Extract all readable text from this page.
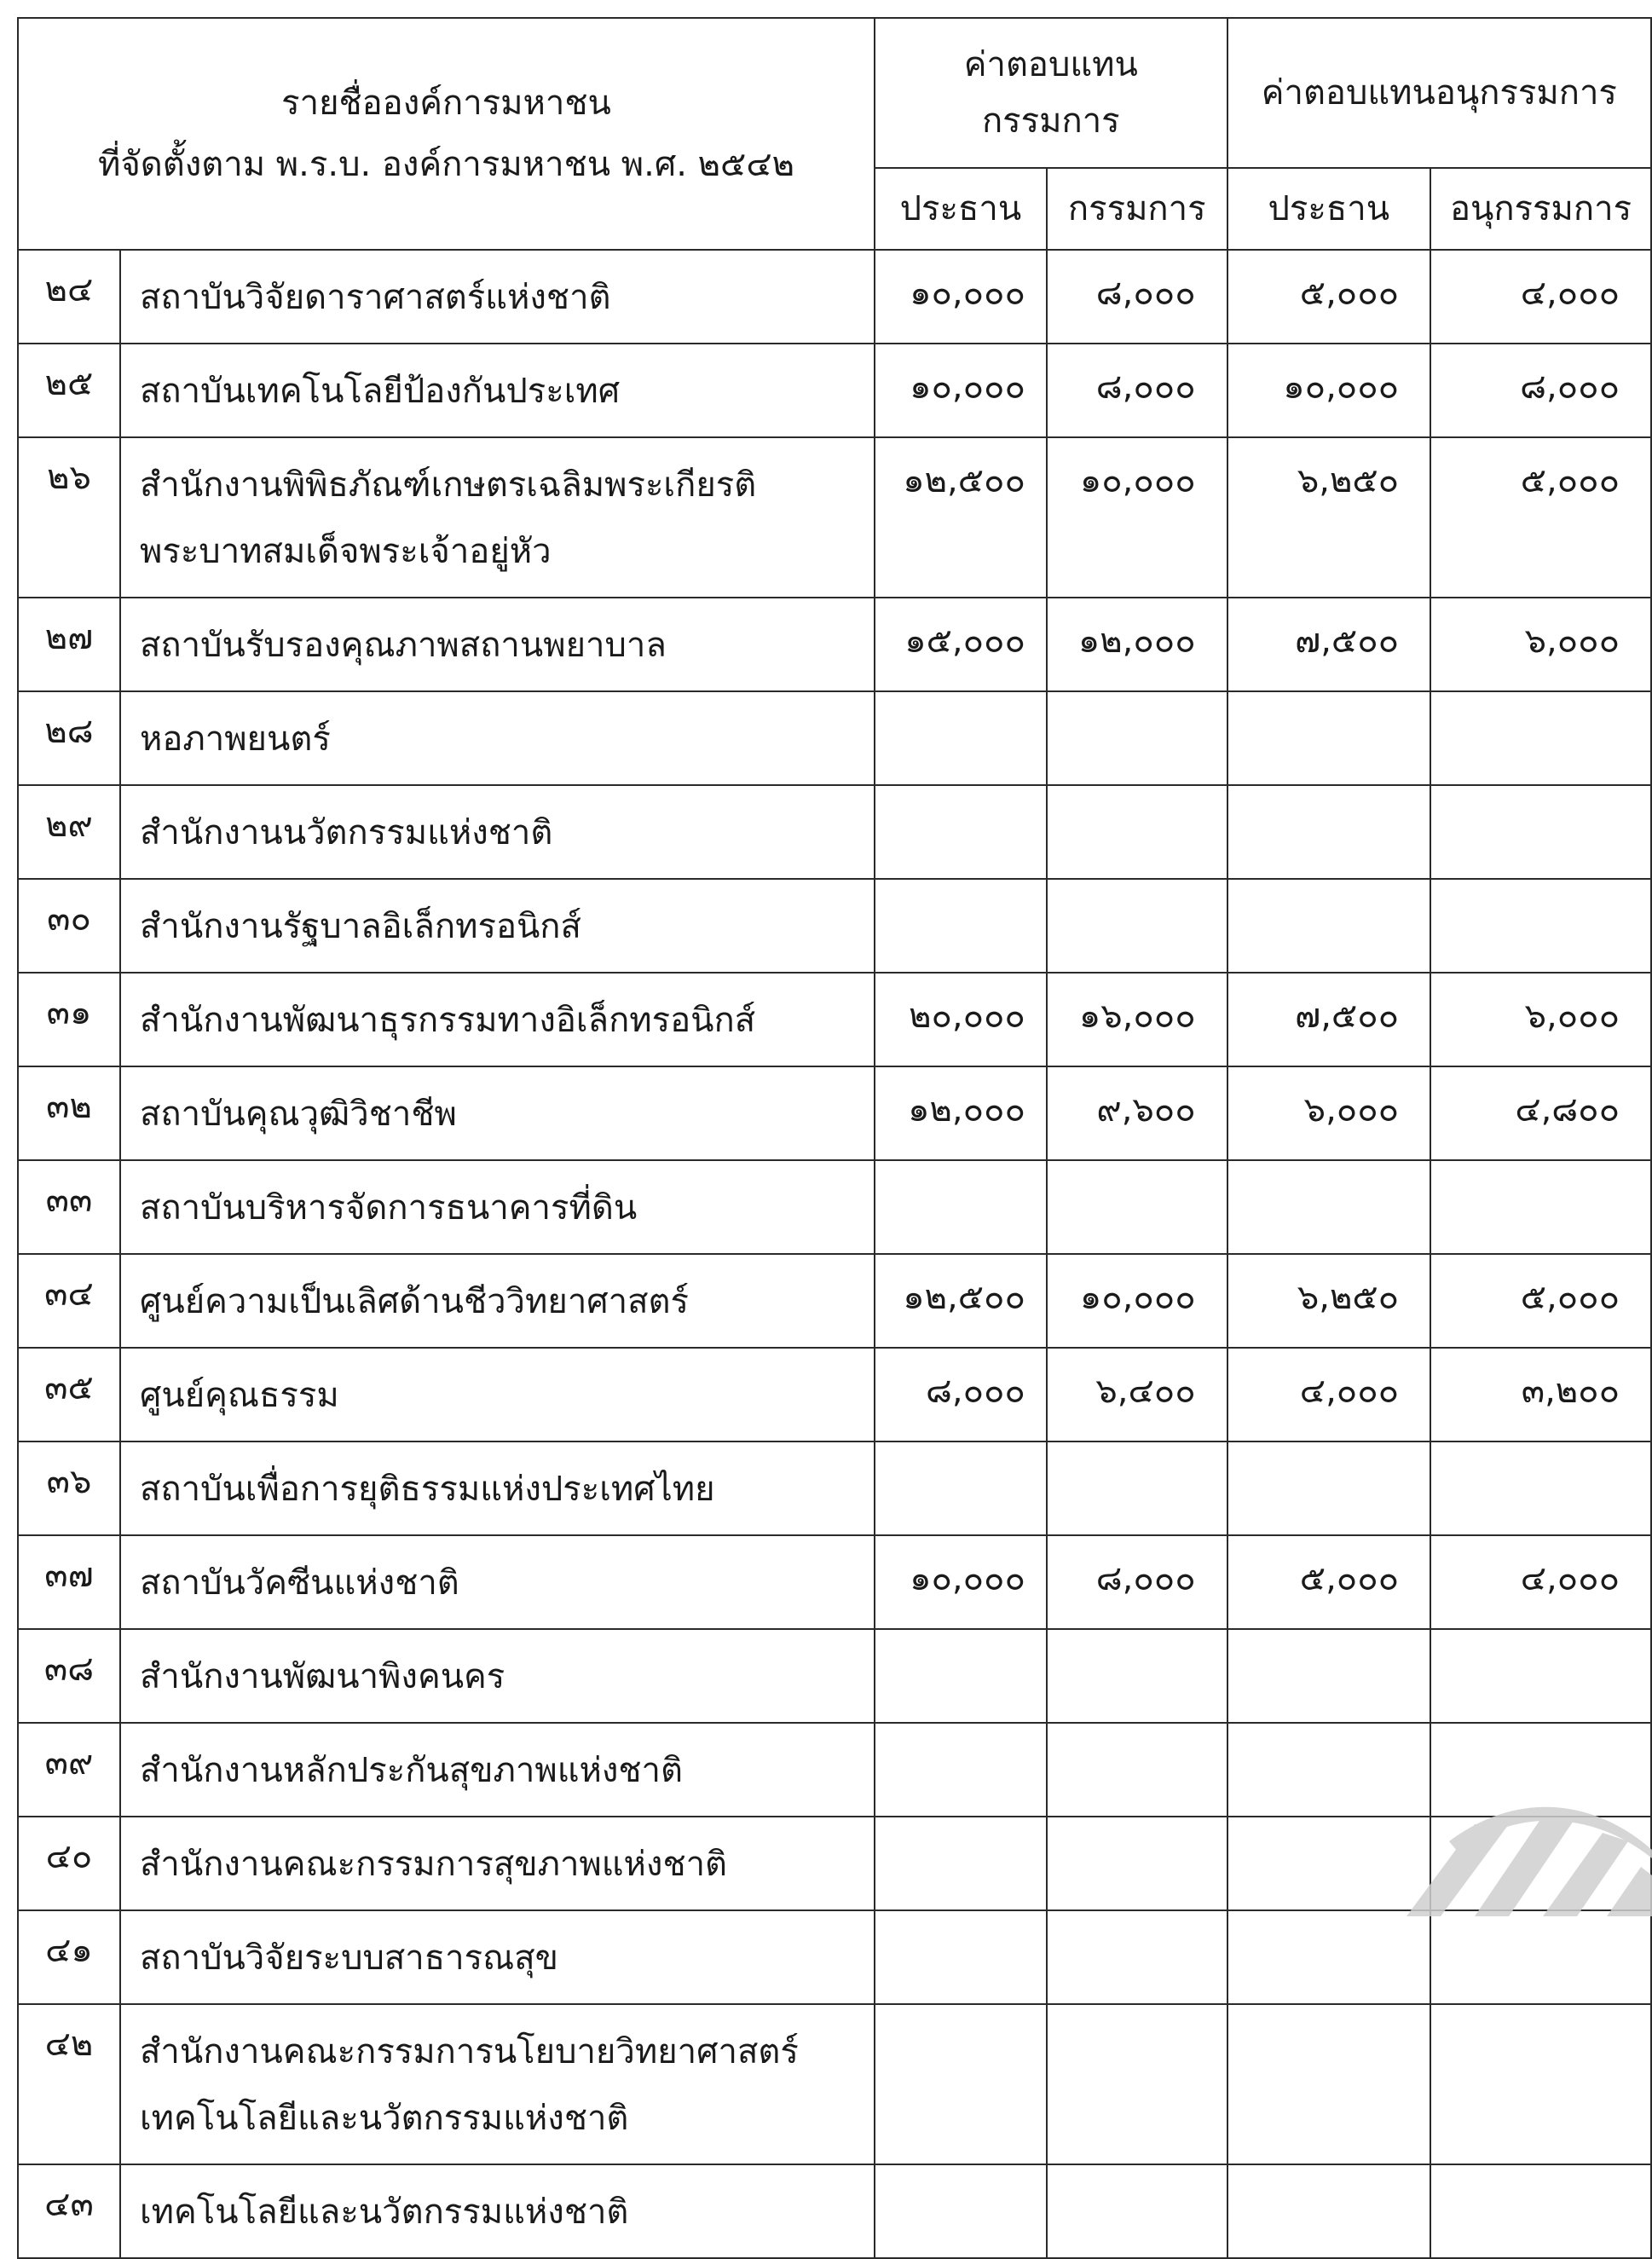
รายชื่อองค์การมหาชน
ที่จัดตั้งตาม พ.ร.บ. องค์การมหาชน พ.ศ. ๒๕๔๒		ค่าตอบแทน
กรรมการ		ค่าตอบแทนอนุกรรมการ	
		ประธาน	กรรมการ	ประธาน	อนุกรรมการ
๒๔	สถาบันวิจัยดาราศาสตร์แห่งชาติ	๑๐,๐๐๐	๘,๐๐๐	๕,๐๐๐	๔,๐๐๐
๒๕	สถาบันเทคโนโลยีป้องกันประเทศ	๑๐,๐๐๐	๘,๐๐๐	๑๐,๐๐๐	๘,๐๐๐
๒๖	สำนักงานพิพิธภัณฑ์เกษตรเฉลิมพระเกียรติ
พระบาทสมเด็จพระเจ้าอยู่หัว	๑๒,๕๐๐	๑๐,๐๐๐	๖,๒๕๐	๕,๐๐๐
๒๗	สถาบันรับรองคุณภาพสถานพยาบาล	๑๕,๐๐๐	๑๒,๐๐๐	๗,๕๐๐	๖,๐๐๐
๒๘	หอภาพยนตร์				

๒๙	สำนักงานนวัตกรรมแห่งชาติ				

๓๐	สำนักงานรัฐบาลอิเล็กทรอนิกส์				

๓๑	สำนักงานพัฒนาธุรกรรมทางอิเล็กทรอนิกส์	๒๐,๐๐๐	๑๖,๐๐๐	๗,๕๐๐	๖,๐๐๐
๓๒	สถาบันคุณวุฒิวิชาชีพ	๑๒,๐๐๐	๙,๖๐๐	๖,๐๐๐	๔,๘๐๐
๓๓	สถาบันบริหารจัดการธนาคารที่ดิน				

๓๔	ศูนย์ความเป็นเลิศด้านชีววิทยาศาสตร์	๑๒,๕๐๐	๑๐,๐๐๐	๖,๒๕๐	๕,๐๐๐
๓๕	ศูนย์คุณธรรม	๘,๐๐๐	๖,๔๐๐	๔,๐๐๐	๓,๒๐๐
๓๖	สถาบันเพื่อการยุติธรรมแห่งประเทศไทย				

๓๗	สถาบันวัคซีนแห่งชาติ	๑๐,๐๐๐	๘,๐๐๐	๕,๐๐๐	๔,๐๐๐
๓๘	สำนักงานพัฒนาพิงคนคร				

๓๙	สำนักงานหลักประกันสุขภาพแห่งชาติ				

๔๐	สำนักงานคณะกรรมการสุขภาพแห่งชาติ				

๔๑	สถาบันวิจัยระบบสาธารณสุข				

๔๒	สำนักงานคณะกรรมการนโยบายวิทยาศาสตร์
เทคโนโลยีและนวัตกรรมแห่งชาติ				

๔๓	เทคโนโลยีและนวัตกรรมแห่งชาติ				
